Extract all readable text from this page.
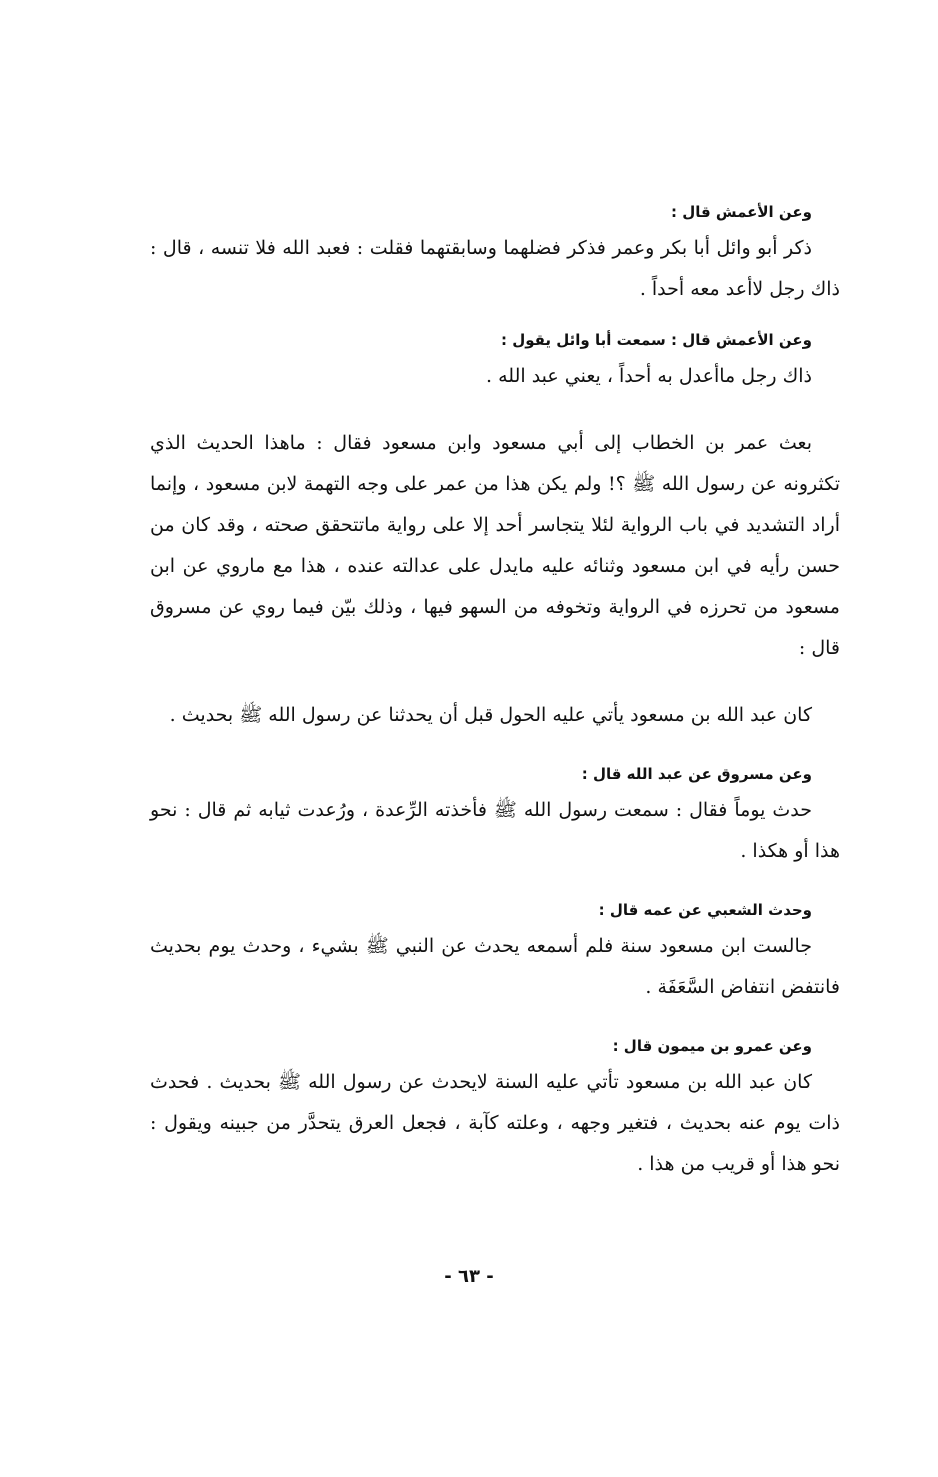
وعن الأعمش قال :

ذكر أبو وائل أبا بكر وعمر فذكر فضلهما وسابقتهما فقلت : فعبد الله فلا تنسه ، قال : ذاك رجل لاأعد معه أحداً .

وعن الأعمش قال : سمعت أبا وائل يقول :

ذاك رجل ماأعدل به أحداً ، يعني عبد الله .

بعث عمر بن الخطاب إلى أبي مسعود وابن مسعود فقال : ماهذا الحديث الذي تكثرونه عن رسول الله ﷺ ؟! ولم يكن هذا من عمر على وجه التهمة لابن مسعود ، وإنما أراد التشديد في باب الرواية لئلا يتجاسر أحد إلا على رواية ماتتحقق صحته ، وقد كان من حسن رأيه في ابن مسعود وثنائه عليه مايدل على عدالته عنده ، هذا مع ماروي عن ابن مسعود من تحرزه في الرواية وتخوفه من السهو فيها ، وذلك بيّن فيما روي عن مسروق قال :

كان عبد الله بن مسعود يأتي عليه الحول قبل أن يحدثنا عن رسول الله ﷺ بحديث .

وعن مسروق عن عبد الله قال :

حدث يوماً فقال : سمعت رسول الله ﷺ فأخذته الرِّعدة ، ورُعدت ثيابه ثم قال : نحو هذا أو هكذا .

وحدث الشعبي عن عمه قال :

جالست ابن مسعود سنة فلم أسمعه يحدث عن النبي ﷺ بشيء ، وحدث يوم بحديث فانتفض انتفاض السَّعَفَة .

وعن عمرو بن ميمون قال :

كان عبد الله بن مسعود تأتي عليه السنة لايحدث عن رسول الله ﷺ بحديث . فحدث ذات يوم عنه بحديث ، فتغير وجهه ، وعلته كآبة ، فجعل العرق يتحدَّر من جبينه ويقول : نحو هذا أو قريب من هذا .

- ٦٣ -
